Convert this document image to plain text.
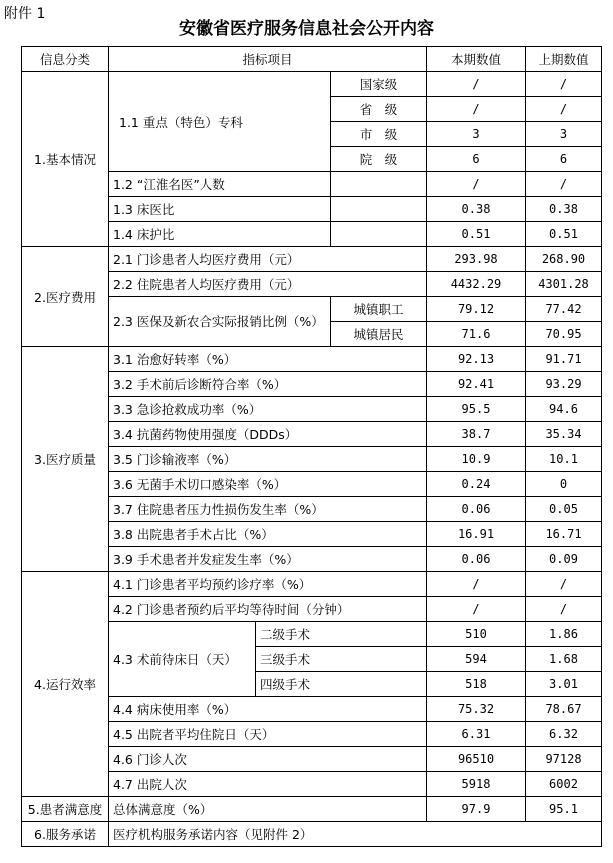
附件 1
安徽省医疗服务信息社会公开内容
信息分类	指标项目			本期数值	上期数值
1.基本情况	1.1 重点（特色）专科		国家级	/	/
			省　级	/	/
			市　级	3	3
			院　级	6	6
	1.2 “江淮名医”人数			/	/
	1.3 床医比			0.38	0.38
	1.4 床护比			0.51	0.51
2.医疗费用	2.1 门诊患者人均医疗费用（元）			293.98	268.90
	2.2 住院患者人均医疗费用（元）			4432.29	4301.28
	2.3 医保及新农合实际报销比例（%）		城镇职工	79.12	77.42
			城镇居民	71.6	70.95
3.医疗质量	3.1 治愈好转率（%）			92.13	91.71
	3.2 手术前后诊断符合率（%）			92.41	93.29
	3.3 急诊抢救成功率（%）			95.5	94.6
	3.4 抗菌药物使用强度（DDDs）			38.7	35.34
	3.5 门诊输液率（%）			10.9	10.1
	3.6 无菌手术切口感染率（%）			0.24	0
	3.7 住院患者压力性损伤发生率（%）			0.06	0.05
	3.8 出院患者手术占比（%）			16.91	16.71
	3.9 手术患者并发症发生率（%）			0.06	0.09
4.运行效率	4.1 门诊患者平均预约诊疗率（%）			/	/
	4.2 门诊患者预约后平均等待时间（分钟）			/	/
	4.3 术前待床日（天）	二级手术		510	1.86
		三级手术		594	1.68
		四级手术		518	3.01
	4.4 病床使用率（%）			75.32	78.67
	4.5 出院者平均住院日（天）			6.31	6.32
	4.6 门诊人次			96510	97128
	4.7 出院人次			5918	6002
5.患者满意度	总体满意度（%）			97.9	95.1
6.服务承诺	医疗机构服务承诺内容（见附件 2）				
